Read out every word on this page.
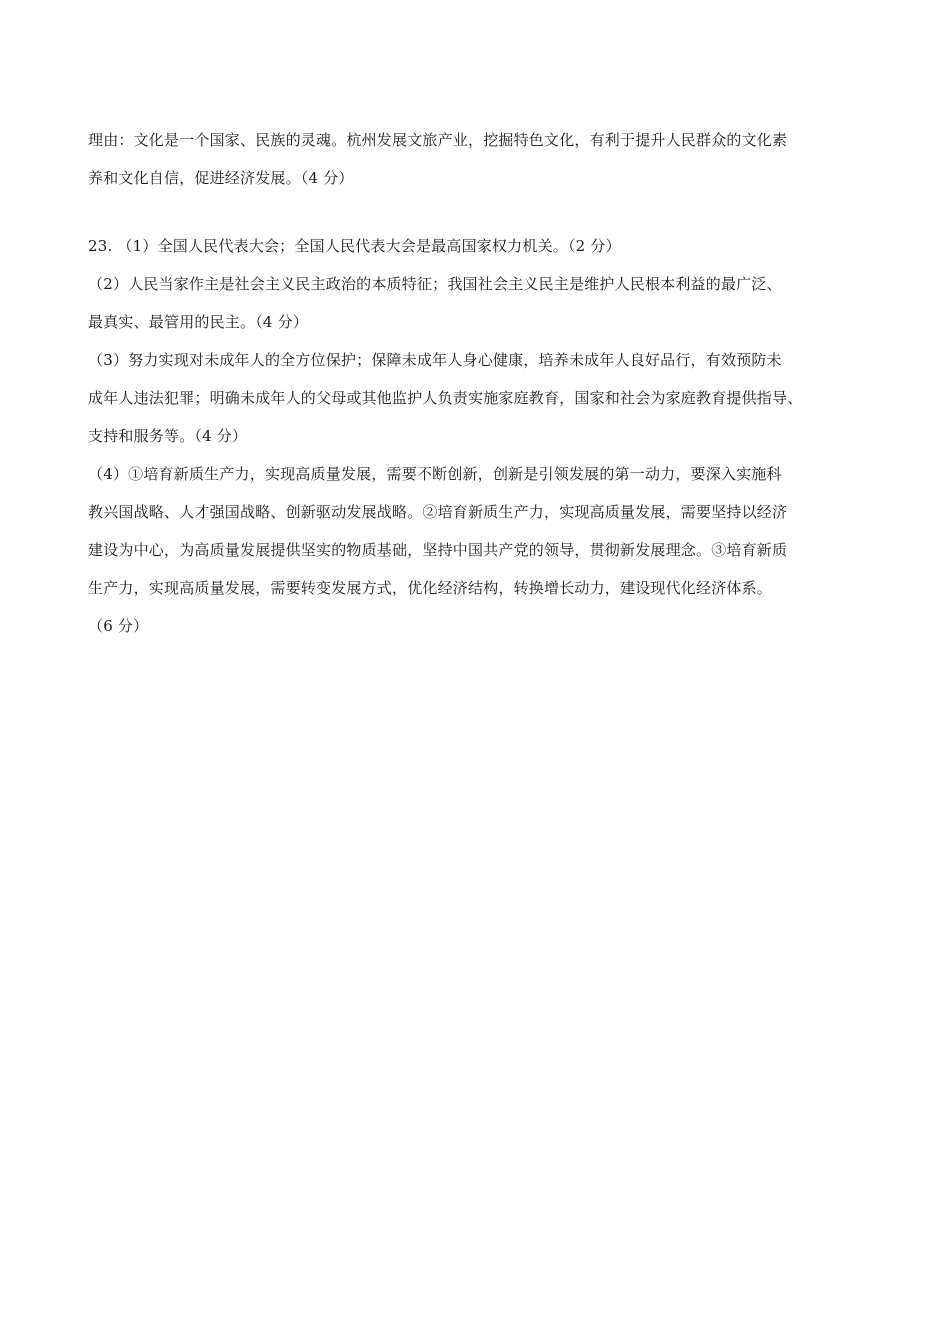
理由：文化是一个国家、民族的灵魂。杭州发展文旅产业，挖掘特色文化，有利于提升人民群众的文化素
养和文化自信，促进经济发展。（4 分）
23. （1）全国人民代表大会；全国人民代表大会是最高国家权力机关。（2 分）
（2）人民当家作主是社会主义民主政治的本质特征；我国社会主义民主是维护人民根本利益的最广泛、
最真实、最管用的民主。（4 分）
（3）努力实现对未成年人的全方位保护；保障未成年人身心健康，培养未成年人良好品行，有效预防未
成年人违法犯罪；明确未成年人的父母或其他监护人负责实施家庭教育，国家和社会为家庭教育提供指导、
支持和服务等。（4 分）
（4）①培育新质生产力，实现高质量发展，需要不断创新，创新是引领发展的第一动力，要深入实施科
教兴国战略、人才强国战略、创新驱动发展战略。②培育新质生产力，实现高质量发展，需要坚持以经济
建设为中心，为高质量发展提供坚实的物质基础，坚持中国共产党的领导，贯彻新发展理念。③培育新质
生产力，实现高质量发展，需要转变发展方式，优化经济结构，转换增长动力，建设现代化经济体系。
（6 分）
